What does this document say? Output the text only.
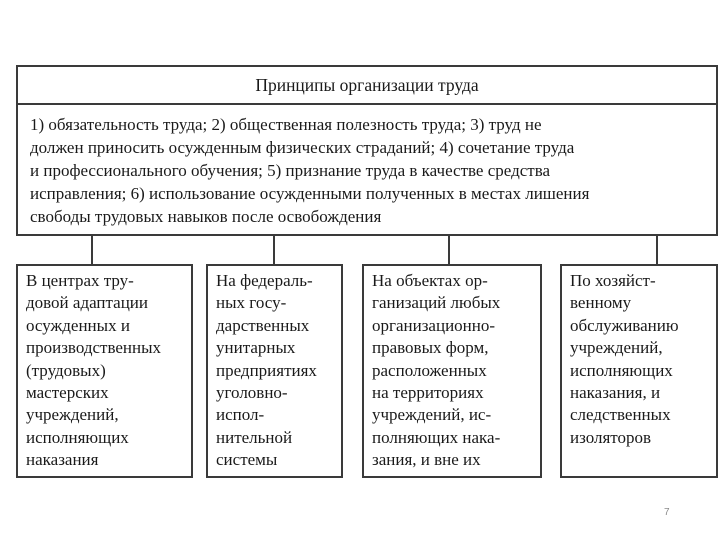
Принципы организации труда
1) обязательность труда; 2) общественная полезность труда; 3) труд не
должен приносить осужденным физических страданий; 4) сочетание труда
и профессионального обучения; 5) признание труда в качестве средства
исправления; 6) использование осужденными полученных в местах лишения
свободы трудовых навыков после освобождения
В центрах тру-
довой адаптации
осужденных и
производственных
(трудовых)
мастерских
учреждений,
исполняющих
наказания
На федераль-
ных госу-
дарственных
унитарных
предприятиях
уголовно-
испол-
нительной
системы
На объектах ор-
ганизаций любых
организационно-
правовых форм,
расположенных
на территориях
учреждений, ис-
полняющих нака-
зания, и вне их
По хозяйст-
венному
обслуживанию
учреждений,
исполняющих
наказания, и
следственных
изоляторов
7
